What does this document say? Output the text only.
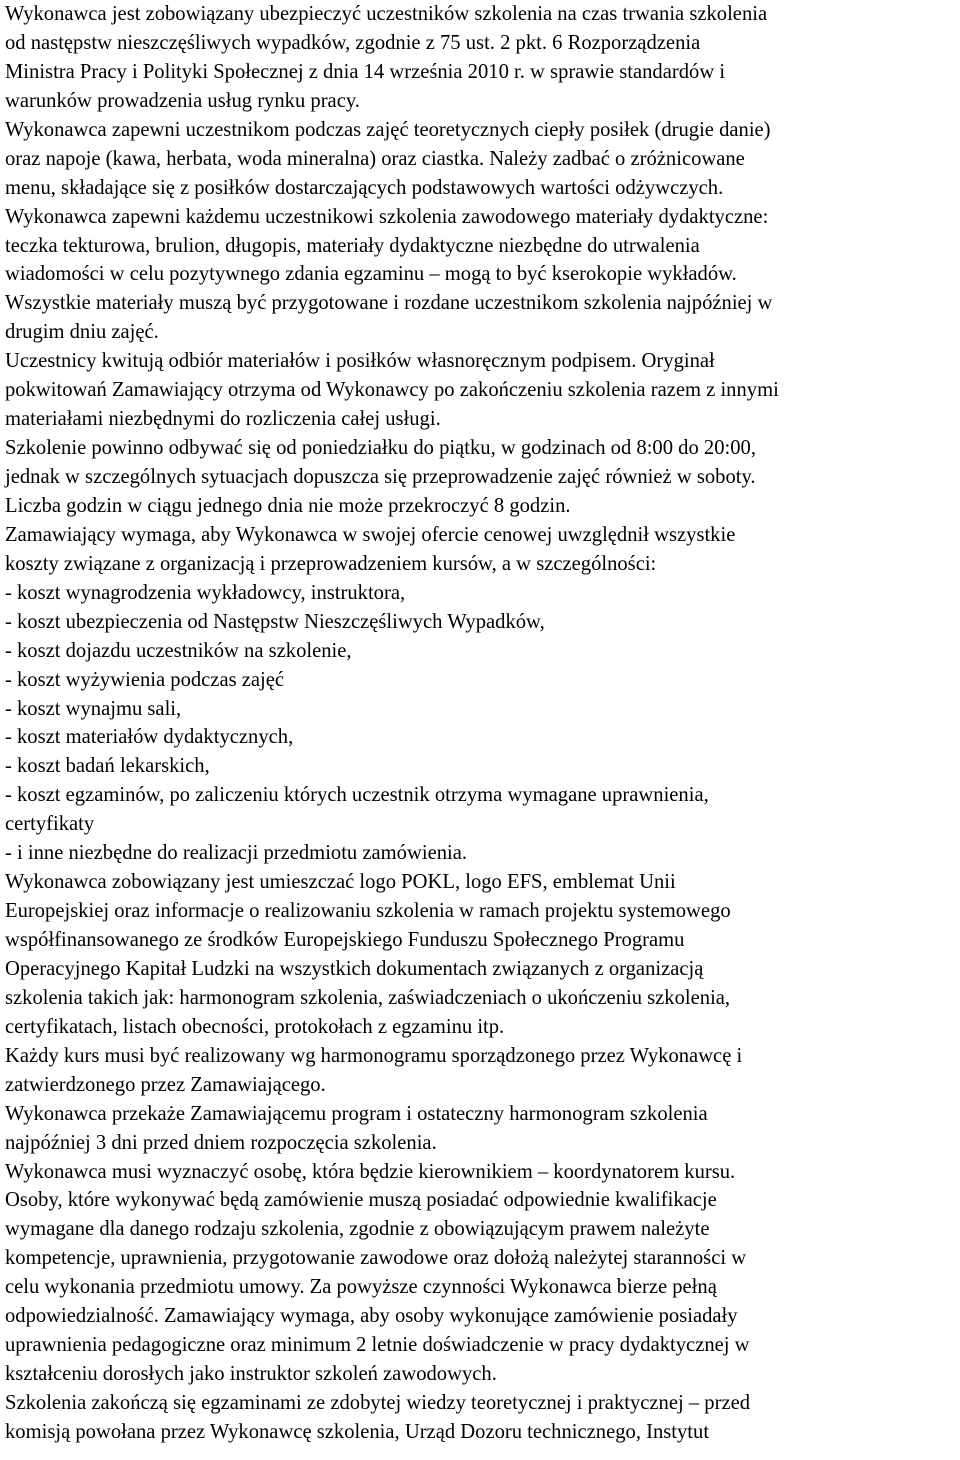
Wykonawca jest zobowiązany ubezpieczyć uczestników szkolenia na czas trwania szkolenia
od następstw nieszczęśliwych wypadków, zgodnie z 75 ust. 2 pkt. 6 Rozporządzenia
Ministra Pracy i Polityki Społecznej z dnia 14 września 2010 r. w sprawie standardów i
warunków prowadzenia usług rynku pracy.
Wykonawca zapewni uczestnikom podczas zajęć teoretycznych ciepły posiłek (drugie danie)
oraz napoje (kawa, herbata, woda mineralna) oraz ciastka. Należy zadbać o zróżnicowane
menu, składające się z posiłków dostarczających podstawowych wartości odżywczych.
Wykonawca zapewni każdemu uczestnikowi szkolenia zawodowego materiały dydaktyczne:
teczka tekturowa, brulion, długopis, materiały dydaktyczne niezbędne do utrwalenia
wiadomości w celu pozytywnego zdania egzaminu – mogą to być kserokopie wykładów.
Wszystkie materiały muszą być przygotowane i rozdane uczestnikom szkolenia najpóźniej w
drugim dniu zajęć.
Uczestnicy kwitują odbiór materiałów i posiłków własnoręcznym podpisem. Oryginał
pokwitowań Zamawiający otrzyma od Wykonawcy po zakończeniu szkolenia razem z innymi
materiałami niezbędnymi do rozliczenia całej usługi.
Szkolenie powinno odbywać się od poniedziałku do piątku, w godzinach od 8:00 do 20:00,
jednak w szczególnych sytuacjach dopuszcza się przeprowadzenie zajęć również w soboty.
Liczba godzin w ciągu jednego dnia nie może przekroczyć 8 godzin.
Zamawiający wymaga, aby Wykonawca w swojej ofercie cenowej uwzględnił wszystkie
koszty związane z organizacją i przeprowadzeniem kursów, a w szczególności:
- koszt wynagrodzenia wykładowcy, instruktora,
- koszt ubezpieczenia od Następstw Nieszczęśliwych Wypadków,
- koszt dojazdu uczestników na szkolenie,
- koszt wyżywienia podczas zajęć
- koszt wynajmu sali,
- koszt materiałów dydaktycznych,
- koszt badań lekarskich,
- koszt egzaminów, po zaliczeniu których uczestnik otrzyma wymagane uprawnienia,
certyfikaty
- i inne niezbędne do realizacji przedmiotu zamówienia.
Wykonawca zobowiązany jest umieszczać logo POKL, logo EFS, emblemat Unii
Europejskiej oraz informacje o realizowaniu szkolenia w ramach projektu systemowego
współfinansowanego ze środków Europejskiego Funduszu Społecznego Programu
Operacyjnego Kapitał Ludzki na wszystkich dokumentach związanych z organizacją
szkolenia takich jak: harmonogram szkolenia, zaświadczeniach o ukończeniu szkolenia,
certyfikatach, listach obecności, protokołach z egzaminu itp.
Każdy kurs musi być realizowany wg harmonogramu sporządzonego przez Wykonawcę i
zatwierdzonego przez Zamawiającego.
Wykonawca przekaże Zamawiającemu program i ostateczny harmonogram szkolenia
najpóźniej 3 dni przed dniem rozpoczęcia szkolenia.
Wykonawca musi wyznaczyć osobę, która będzie kierownikiem – koordynatorem kursu.
Osoby, które wykonywać będą zamówienie muszą posiadać odpowiednie kwalifikacje
wymagane dla danego rodzaju szkolenia, zgodnie z obowiązującym prawem należyte
kompetencje, uprawnienia, przygotowanie zawodowe oraz dołożą należytej staranności w
celu wykonania przedmiotu umowy. Za powyższe czynności Wykonawca bierze pełną
odpowiedzialność. Zamawiający wymaga, aby osoby wykonujące zamówienie posiadały
uprawnienia pedagogiczne oraz minimum 2 letnie doświadczenie w pracy dydaktycznej w
kształceniu dorosłych jako instruktor szkoleń zawodowych.
Szkolenia zakończą się egzaminami ze zdobytej wiedzy teoretycznej i praktycznej – przed
komisją powołana przez Wykonawcę szkolenia, Urząd Dozoru technicznego, Instytut
